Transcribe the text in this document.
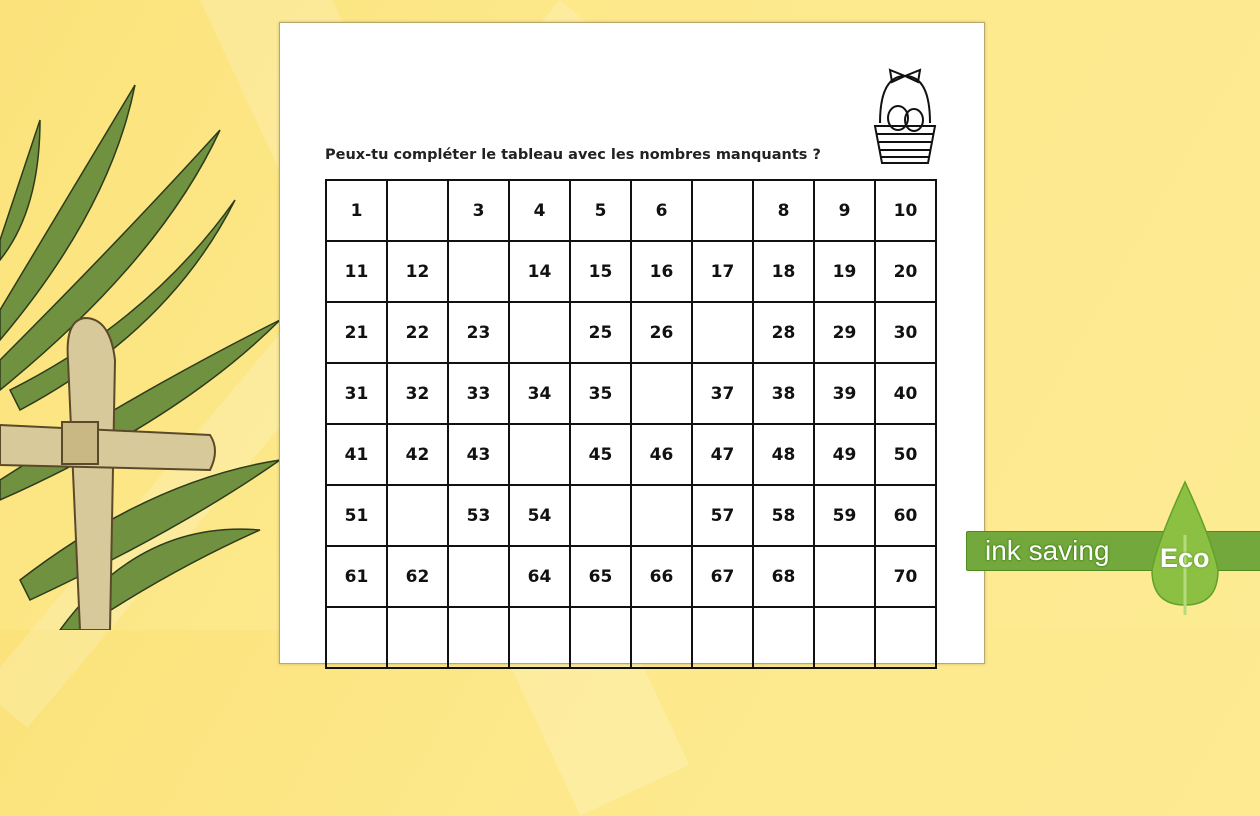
Peux-tu compléter le tableau avec les nombres manquants ?
1		3	4	5	6		8	9	10
11	12		14	15	16	17	18	19	20
21	22	23		25	26		28	29	30
31	32	33	34	35		37	38	39	40
41	42	43		45	46	47	48	49	50
51		53	54			57	58	59	60
61	62		64	65	66	67	68		70

ink saving Eco
